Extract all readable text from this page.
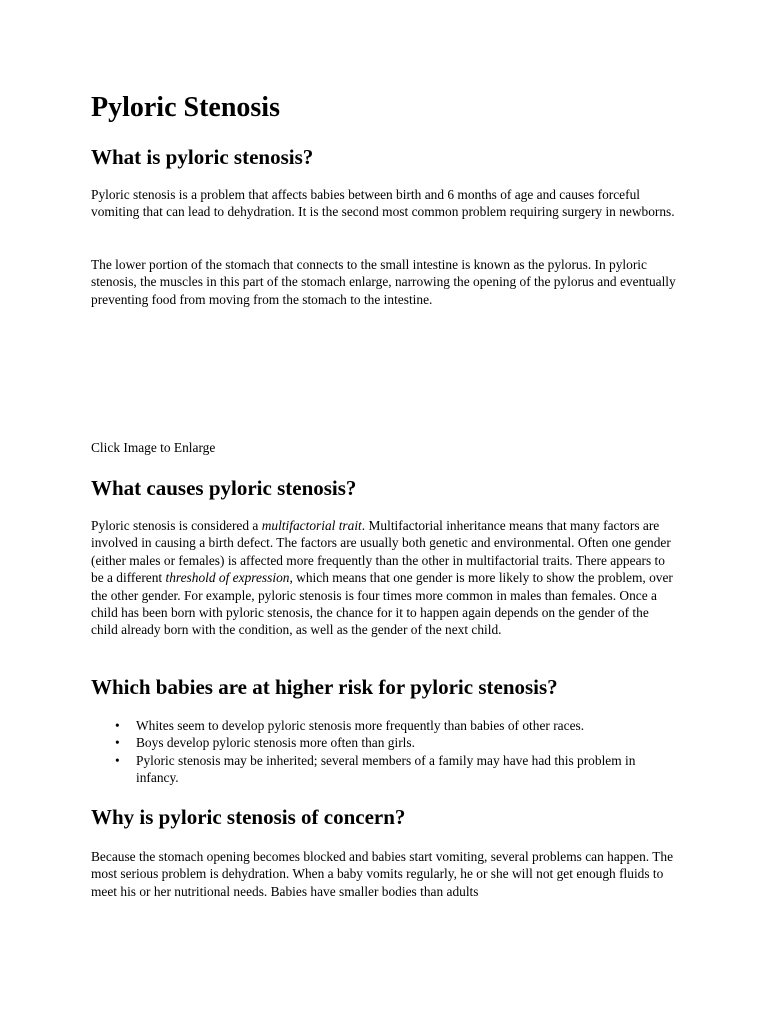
Pyloric Stenosis
What is pyloric stenosis?

Pyloric stenosis is a problem that affects babies between birth and 6 months of age and causes forceful vomiting that can lead to dehydration. It is the second most common problem requiring surgery in newborns.

The lower portion of the stomach that connects to the small intestine is known as the pylorus. In pyloric stenosis, the muscles in this part of the stomach enlarge, narrowing the opening of the pylorus and eventually preventing food from moving from the stomach to the intestine.

Click Image to Enlarge

What causes pyloric stenosis?

Pyloric stenosis is considered a multifactorial trait. Multifactorial inheritance means that many factors are involved in causing a birth defect. The factors are usually both genetic and environmental. Often one gender (either males or females) is affected more frequently than the other in multifactorial traits. There appears to be a different threshold of expression, which means that one gender is more likely to show the problem, over the other gender. For example, pyloric stenosis is four times more common in males than females. Once a child has been born with pyloric stenosis, the chance for it to happen again depends on the gender of the child already born with the condition, as well as the gender of the next child.

Which babies are at higher risk for pyloric stenosis?
• Whites seem to develop pyloric stenosis more frequently than babies of other races.
• Boys develop pyloric stenosis more often than girls.
• Pyloric stenosis may be inherited; several members of a family may have had this problem in infancy.
Why is pyloric stenosis of concern?

Because the stomach opening becomes blocked and babies start vomiting, several problems can happen. The most serious problem is dehydration. When a baby vomits regularly, he or she will not get enough fluids to meet his or her nutritional needs. Babies have smaller bodies than adults
